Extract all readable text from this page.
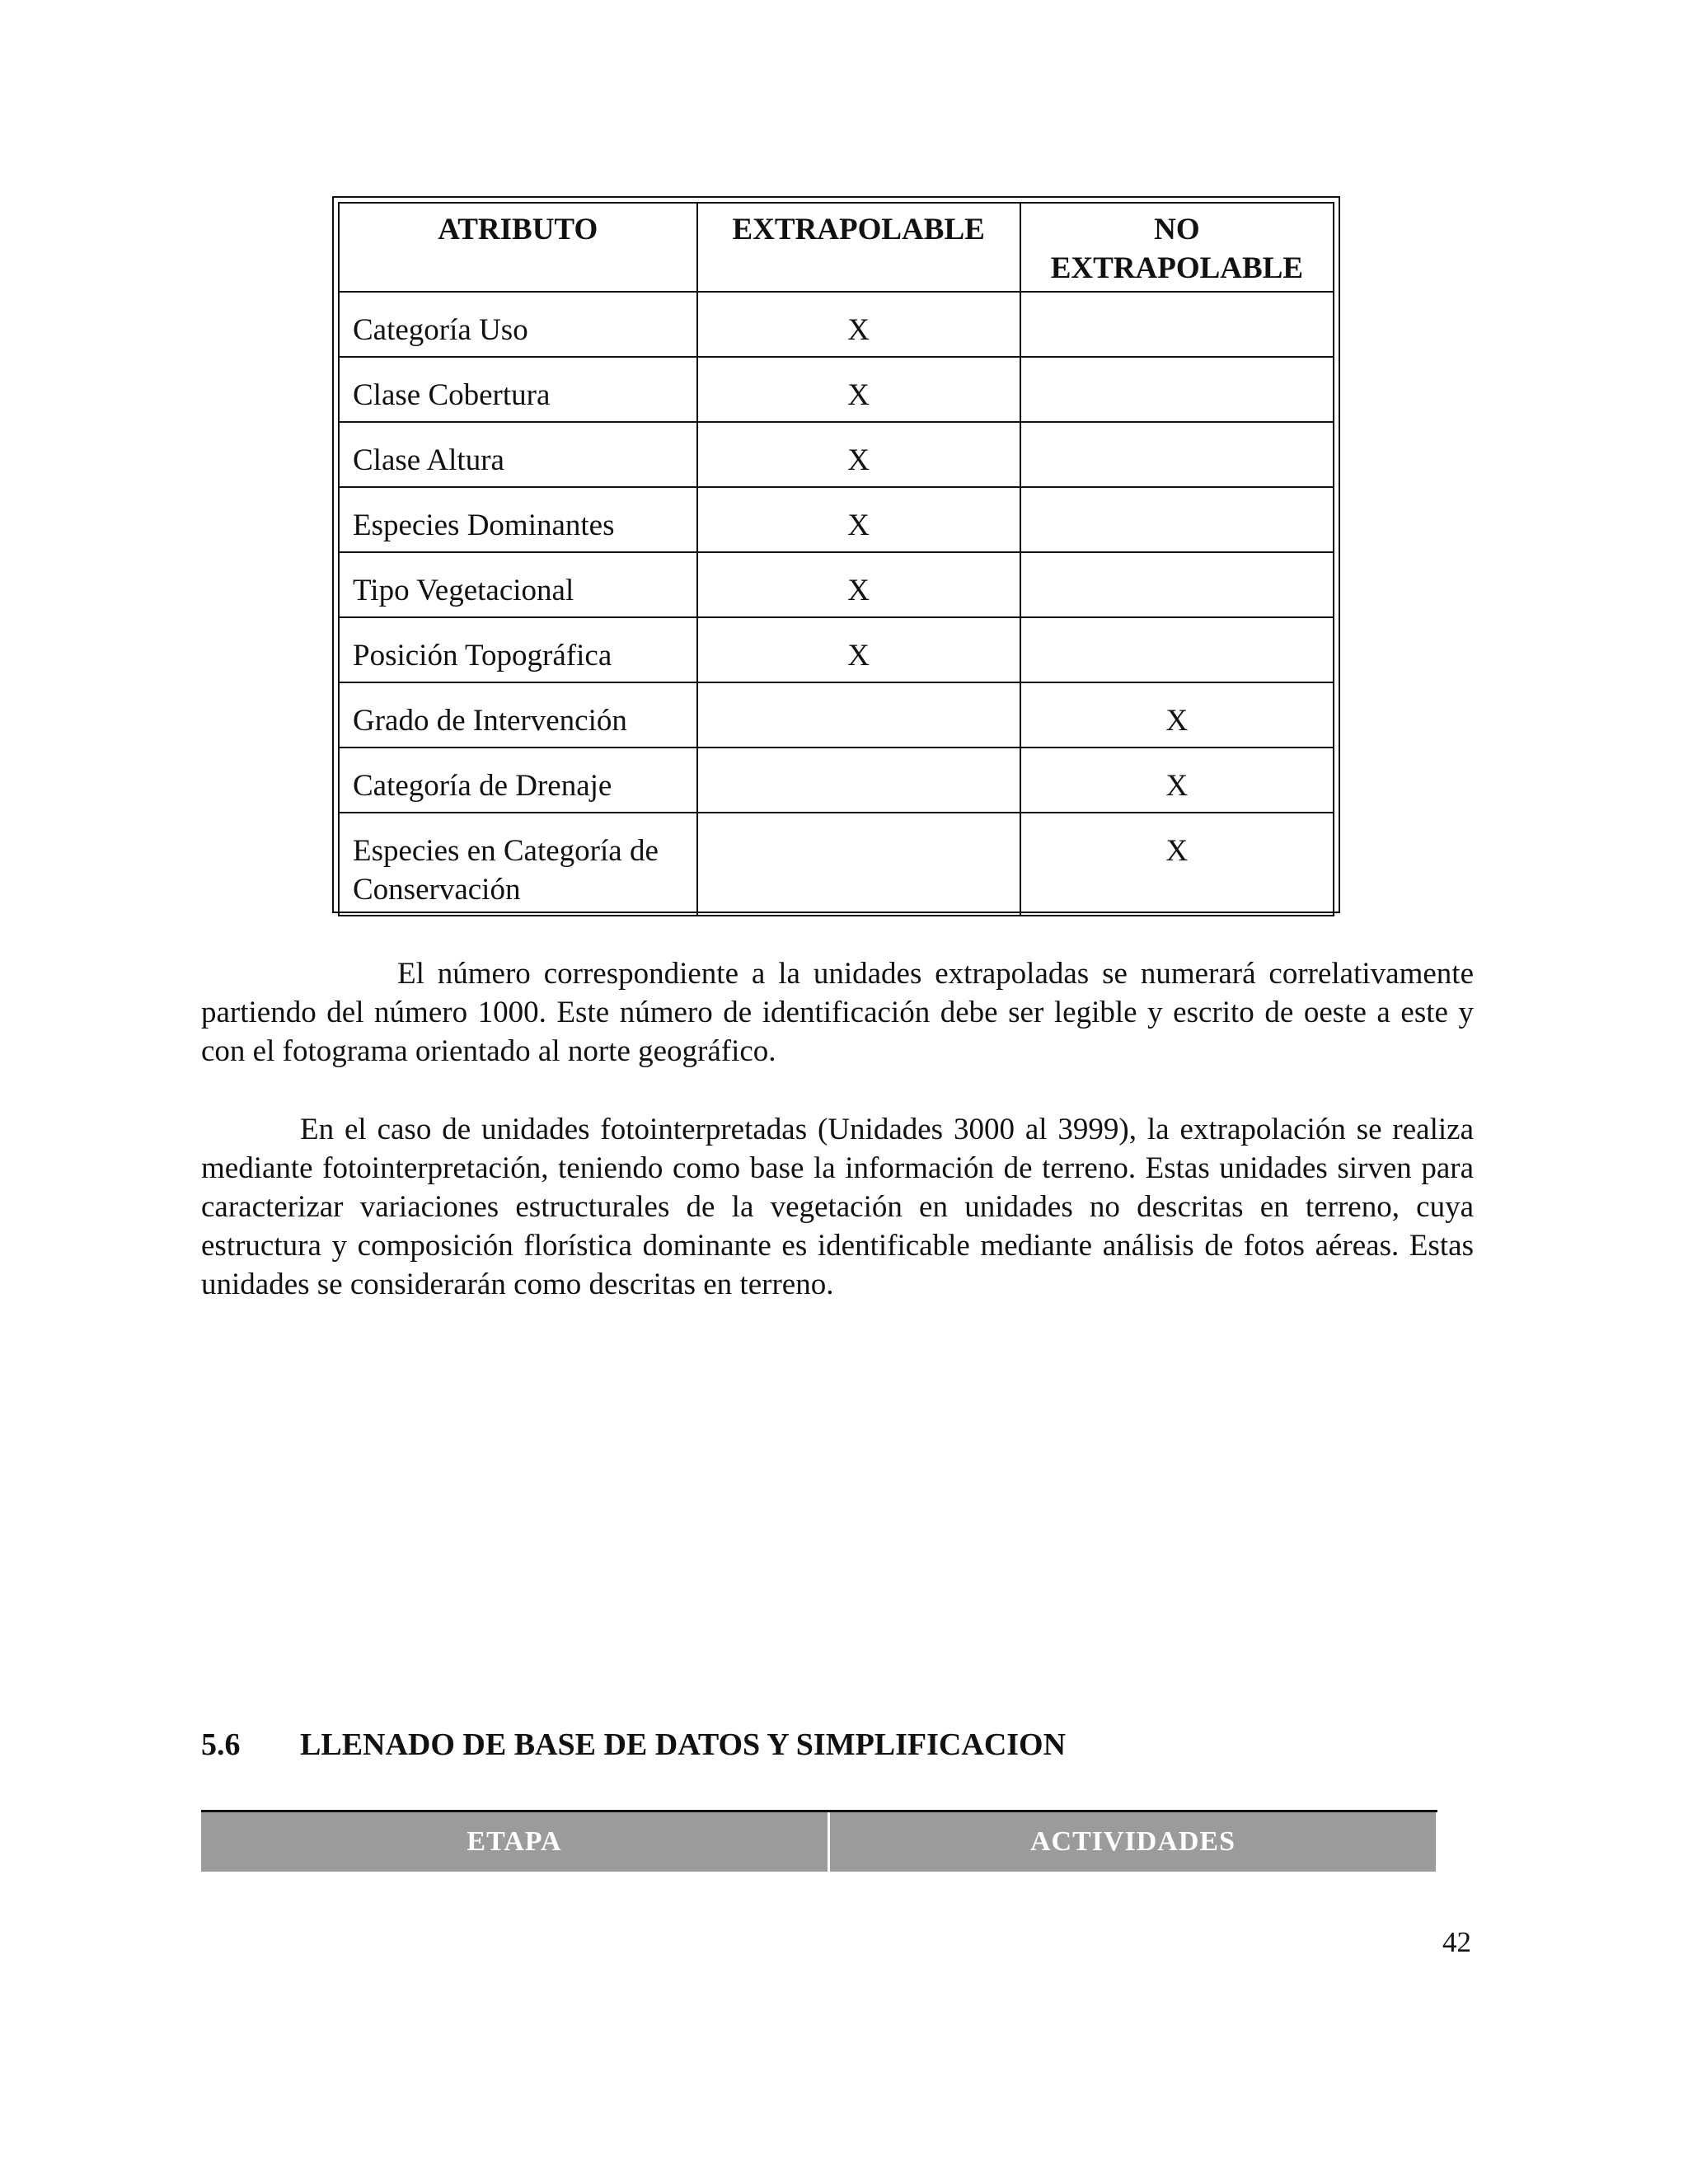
ATRIBUTO	EXTRAPOLABLE	NO EXTRAPOLABLE
Categoría Uso	X	
Clase Cobertura	X	
Clase Altura	X	
Especies Dominantes	X	
Tipo Vegetacional	X	
Posición Topográfica	X	
Grado de Intervención		X
Categoría de Drenaje		X
Especies en Categoría de Conservación		X

El número correspondiente a la unidades extrapoladas se numerará correlativamente partiendo del número 1000. Este número de identificación debe ser legible y escrito de oeste a este y con el fotograma orientado al norte geográfico.

En el caso de unidades fotointerpretadas (Unidades 3000 al 3999), la extrapolación se realiza mediante fotointerpretación, teniendo como base la información de terreno. Estas unidades sirven para caracterizar variaciones estructurales de la vegetación en unidades no descritas en terreno, cuya estructura y composición florística dominante es identificable mediante análisis de fotos aéreas. Estas unidades se considerarán como descritas en terreno.

5.6 LLENADO DE BASE DE DATOS Y SIMPLIFICACION
ETAPA	ACTIVIDADES
42
